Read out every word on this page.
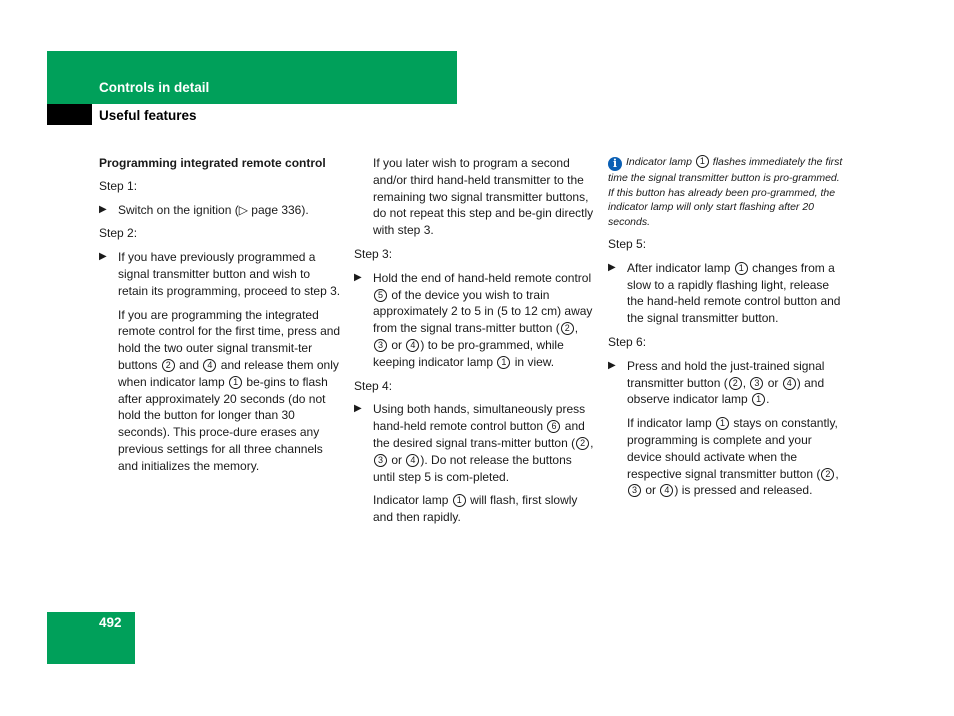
Controls in detail
Useful features

Programming integrated remote control

Step 1:

▶ Switch on the ignition (▷ page 336).

Step 2:

▶ If you have previously programmed a signal transmitter button and wish to retain its programming, proceed to step 3.
If you are programming the integrated remote control for the first time, press and hold the two outer signal transmit-ter buttons 2 and 4 and release them only when indicator lamp 1 be-gins to flash after approximately 20 seconds (do not hold the button for longer than 30 seconds). This proce-dure erases any previous settings for all three channels and initializes the memory.
If you later wish to program a second and/or third hand-held transmitter to the remaining two signal transmitter buttons, do not repeat this step and be-gin directly with step 3.

Step 3:

▶ Hold the end of hand-held remote control 5 of the device you wish to train approximately 2 to 5 in (5 to 12 cm) away from the signal trans-mitter button ( 2 , 3 or 4 ) to be pro-grammed, while keeping indicator lamp 1 in view.

Step 4:

▶ Using both hands, simultaneously press hand-held remote control button 6 and the desired signal trans-mitter button ( 2 , 3 or 4 ). Do not release the buttons until step 5 is com-pleted.
Indicator lamp 1 will flash, first slowly and then rapidly.

i Indicator lamp 1 flashes immediately the first time the signal transmitter button is pro-grammed. If this button has already been pro-grammed, the indicator lamp will only start flashing after 20 seconds.

Step 5:

▶ After indicator lamp 1 changes from a slow to a rapidly flashing light, release the hand-held remote control button and the signal transmitter button.

Step 6:

▶ Press and hold the just-trained signal transmitter button ( 2 , 3 or 4 ) and observe indicator lamp 1 .
If indicator lamp 1 stays on constantly, programming is complete and your device should activate when the respective signal transmitter button ( 2 , 3 or 4 ) is pressed and released.
492
